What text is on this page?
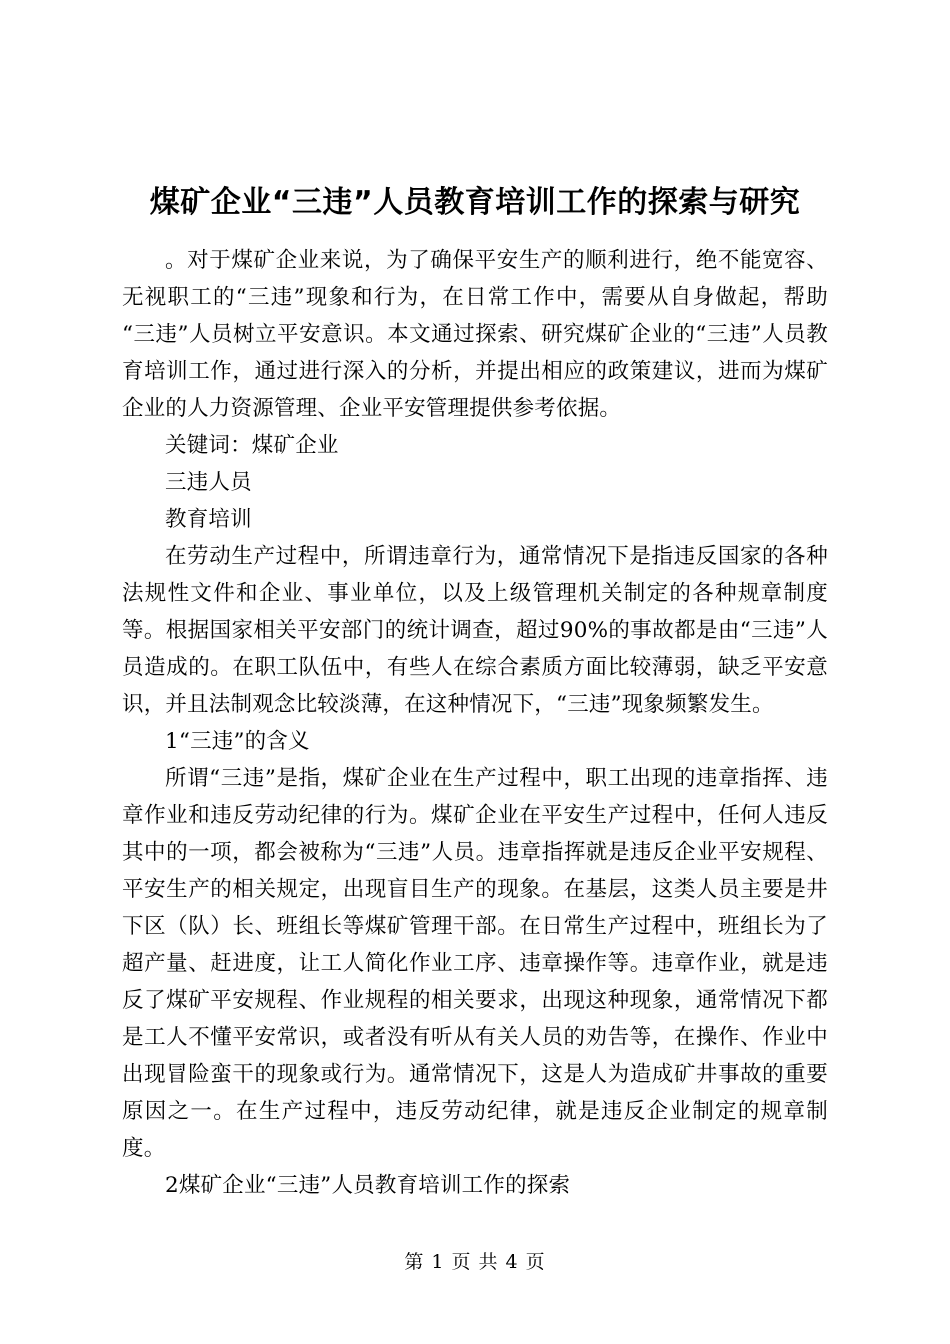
煤矿企业“三违”人员教育培训工作的探索与研究

。对于煤矿企业来说，为了确保平安生产的顺利进行，绝不能宽容、无视职工的“三违”现象和行为，在日常工作中，需要从自身做起，帮助“三违”人员树立平安意识。本文通过探索、研究煤矿企业的“三违”人员教育培训工作，通过进行深入的分析，并提出相应的政策建议，进而为煤矿企业的人力资源管理、企业平安管理提供参考依据。

关键词：煤矿企业

三违人员

教育培训

在劳动生产过程中，所谓违章行为，通常情况下是指违反国家的各种法规性文件和企业、事业单位，以及上级管理机关制定的各种规章制度等。根据国家相关平安部门的统计调查，超过90%的事故都是由“三违”人员造成的。在职工队伍中，有些人在综合素质方面比较薄弱，缺乏平安意识，并且法制观念比较淡薄，在这种情况下，“三违”现象频繁发生。

1“三违”的含义

所谓“三违”是指，煤矿企业在生产过程中，职工出现的违章指挥、违章作业和违反劳动纪律的行为。煤矿企业在平安生产过程中，任何人违反其中的一项，都会被称为“三违”人员。违章指挥就是违反企业平安规程、平安生产的相关规定，出现盲目生产的现象。在基层，这类人员主要是井下区（队）长、班组长等煤矿管理干部。在日常生产过程中，班组长为了超产量、赶进度，让工人简化作业工序、违章操作等。违章作业，就是违反了煤矿平安规程、作业规程的相关要求，出现这种现象，通常情况下都是工人不懂平安常识，或者没有听从有关人员的劝告等，在操作、作业中出现冒险蛮干的现象或行为。通常情况下，这是人为造成矿井事故的重要原因之一。在生产过程中，违反劳动纪律，就是违反企业制定的规章制度。

2煤矿企业“三违”人员教育培训工作的探索

第 1 页 共 4 页
